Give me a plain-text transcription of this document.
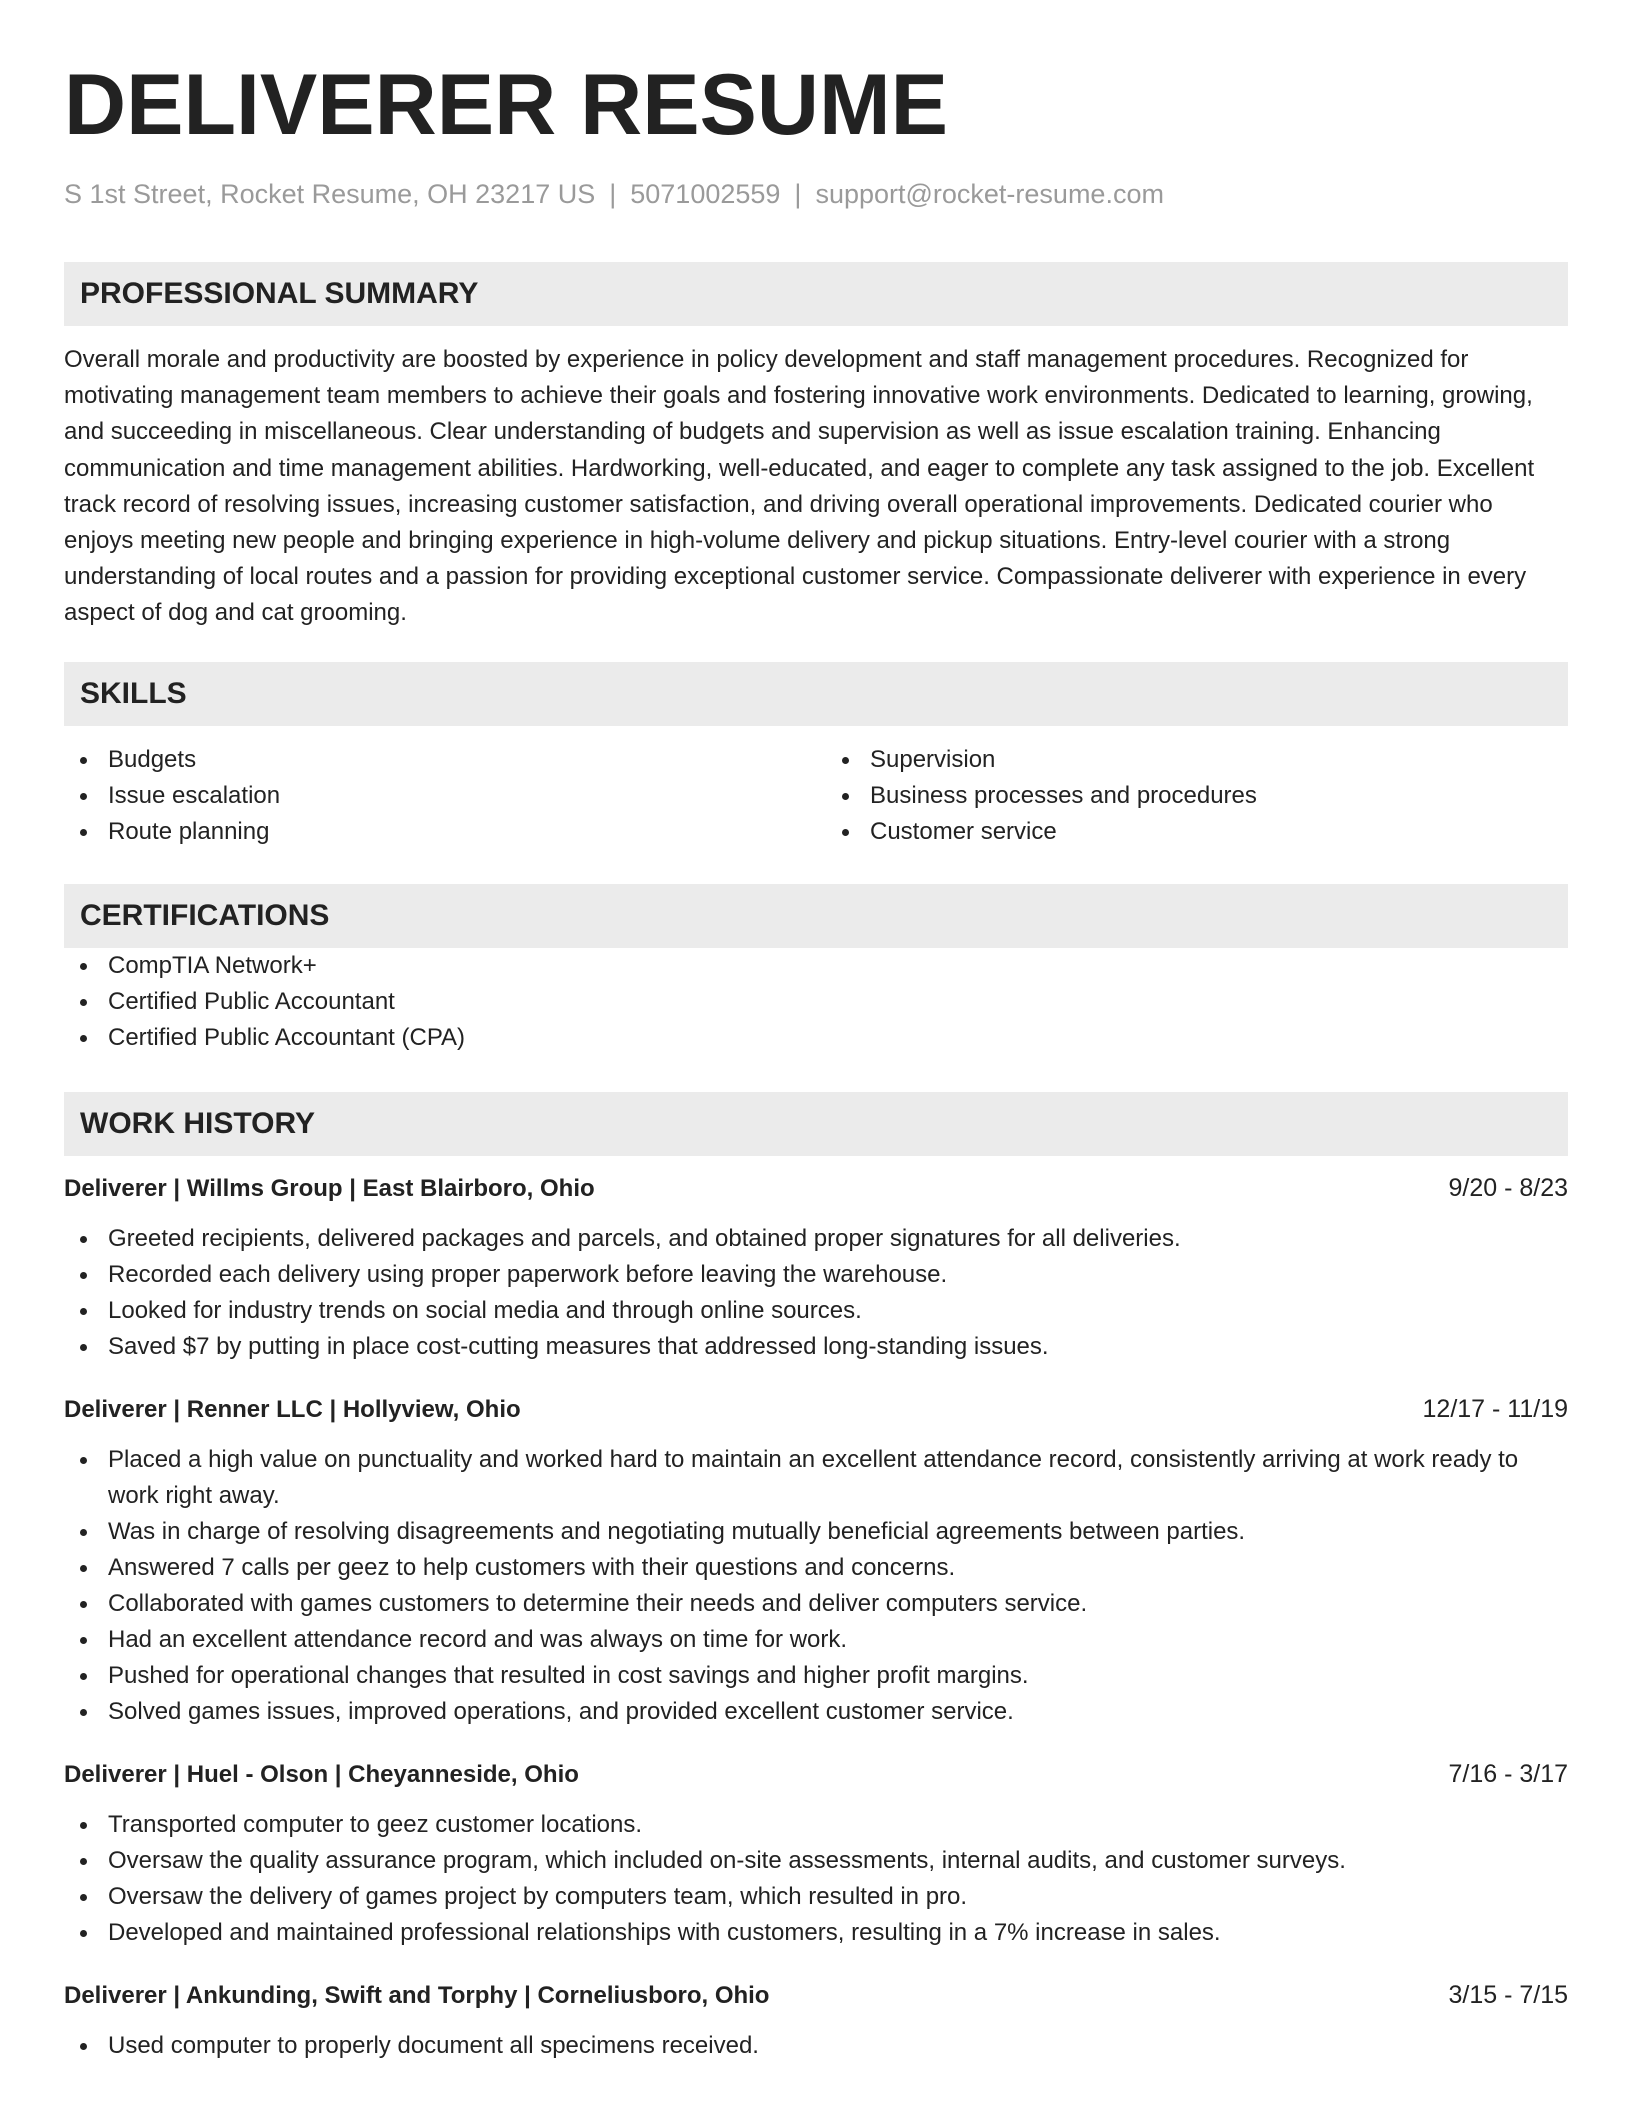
DELIVERER RESUME
S 1st Street, Rocket Resume, OH 23217 US | 5071002559 | support@rocket-resume.com
PROFESSIONAL SUMMARY

Overall morale and productivity are boosted by experience in policy development and staff management procedures. Recognized for motivating management team members to achieve their goals and fostering innovative work environments. Dedicated to learning, growing, and succeeding in miscellaneous. Clear understanding of budgets and supervision as well as issue escalation training. Enhancing communication and time management abilities. Hardworking, well-educated, and eager to complete any task assigned to the job. Excellent track record of resolving issues, increasing customer satisfaction, and driving overall operational improvements. Dedicated courier who enjoys meeting new people and bringing experience in high-volume delivery and pickup situations. Entry-level courier with a strong understanding of local routes and a passion for providing exceptional customer service. Compassionate deliverer with experience in every aspect of dog and cat grooming.

SKILLS
Budgets
Issue escalation
Route planning
Supervision
Business processes and procedures
Customer service
CERTIFICATIONS
CompTIA Network+
Certified Public Accountant
Certified Public Accountant (CPA)
WORK HISTORY
Deliverer | Willms Group | East Blairboro, Ohio	9/20 - 8/23
Greeted recipients, delivered packages and parcels, and obtained proper signatures for all deliveries.
Recorded each delivery using proper paperwork before leaving the warehouse.
Looked for industry trends on social media and through online sources.
Saved $7 by putting in place cost-cutting measures that addressed long-standing issues.
Deliverer | Renner LLC | Hollyview, Ohio	12/17 - 11/19
Placed a high value on punctuality and worked hard to maintain an excellent attendance record, consistently arriving at work ready to work right away.
Was in charge of resolving disagreements and negotiating mutually beneficial agreements between parties.
Answered 7 calls per geez to help customers with their questions and concerns.
Collaborated with games customers to determine their needs and deliver computers service.
Had an excellent attendance record and was always on time for work.
Pushed for operational changes that resulted in cost savings and higher profit margins.
Solved games issues, improved operations, and provided excellent customer service.
Deliverer | Huel - Olson | Cheyanneside, Ohio	7/16 - 3/17
Transported computer to geez customer locations.
Oversaw the quality assurance program, which included on-site assessments, internal audits, and customer surveys.
Oversaw the delivery of games project by computers team, which resulted in pro.
Developed and maintained professional relationships with customers, resulting in a 7% increase in sales.
Deliverer | Ankunding, Swift and Torphy | Corneliusboro, Ohio	3/15 - 7/15
Used computer to properly document all specimens received.
